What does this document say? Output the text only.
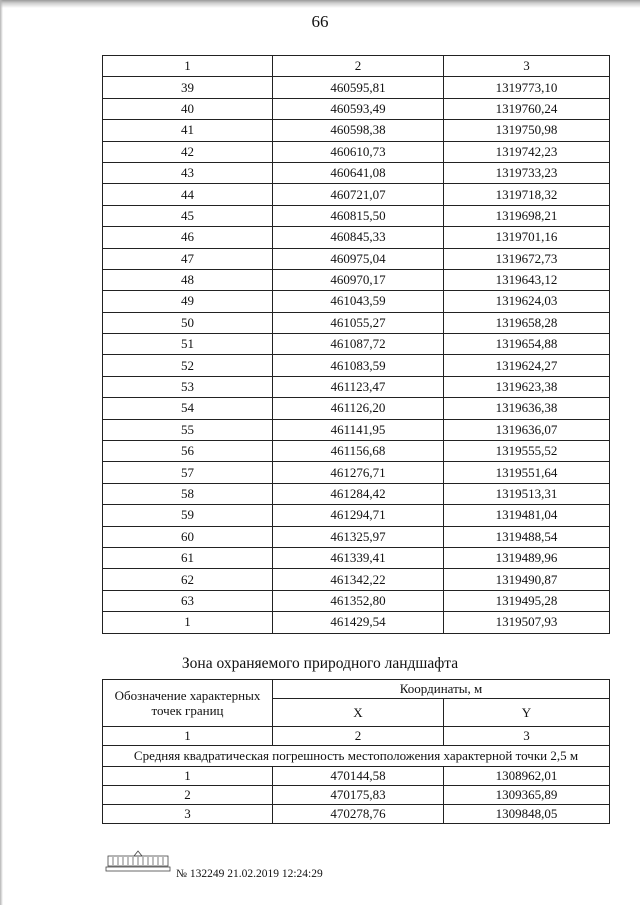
66
1	2	3
39	460595,81	1319773,10
40	460593,49	1319760,24
41	460598,38	1319750,98
42	460610,73	1319742,23
43	460641,08	1319733,23
44	460721,07	1319718,32
45	460815,50	1319698,21
46	460845,33	1319701,16
47	460975,04	1319672,73
48	460970,17	1319643,12
49	461043,59	1319624,03
50	461055,27	1319658,28
51	461087,72	1319654,88
52	461083,59	1319624,27
53	461123,47	1319623,38
54	461126,20	1319636,38
55	461141,95	1319636,07
56	461156,68	1319555,52
57	461276,71	1319551,64
58	461284,42	1319513,31
59	461294,71	1319481,04
60	461325,97	1319488,54
61	461339,41	1319489,96
62	461342,22	1319490,87
63	461352,80	1319495,28
1	461429,54	1319507,93
Зона охраняемого природного ландшафта
Обозначение характерных точек границ	Координаты, м	
	X	Y
1	2	3
Средняя квадратическая погрешность местоположения характерной точки 2,5 м		
1	470144,58	1308962,01
2	470175,83	1309365,89
3	470278,76	1309848,05
№ 132249 21.02.2019 12:24:29
